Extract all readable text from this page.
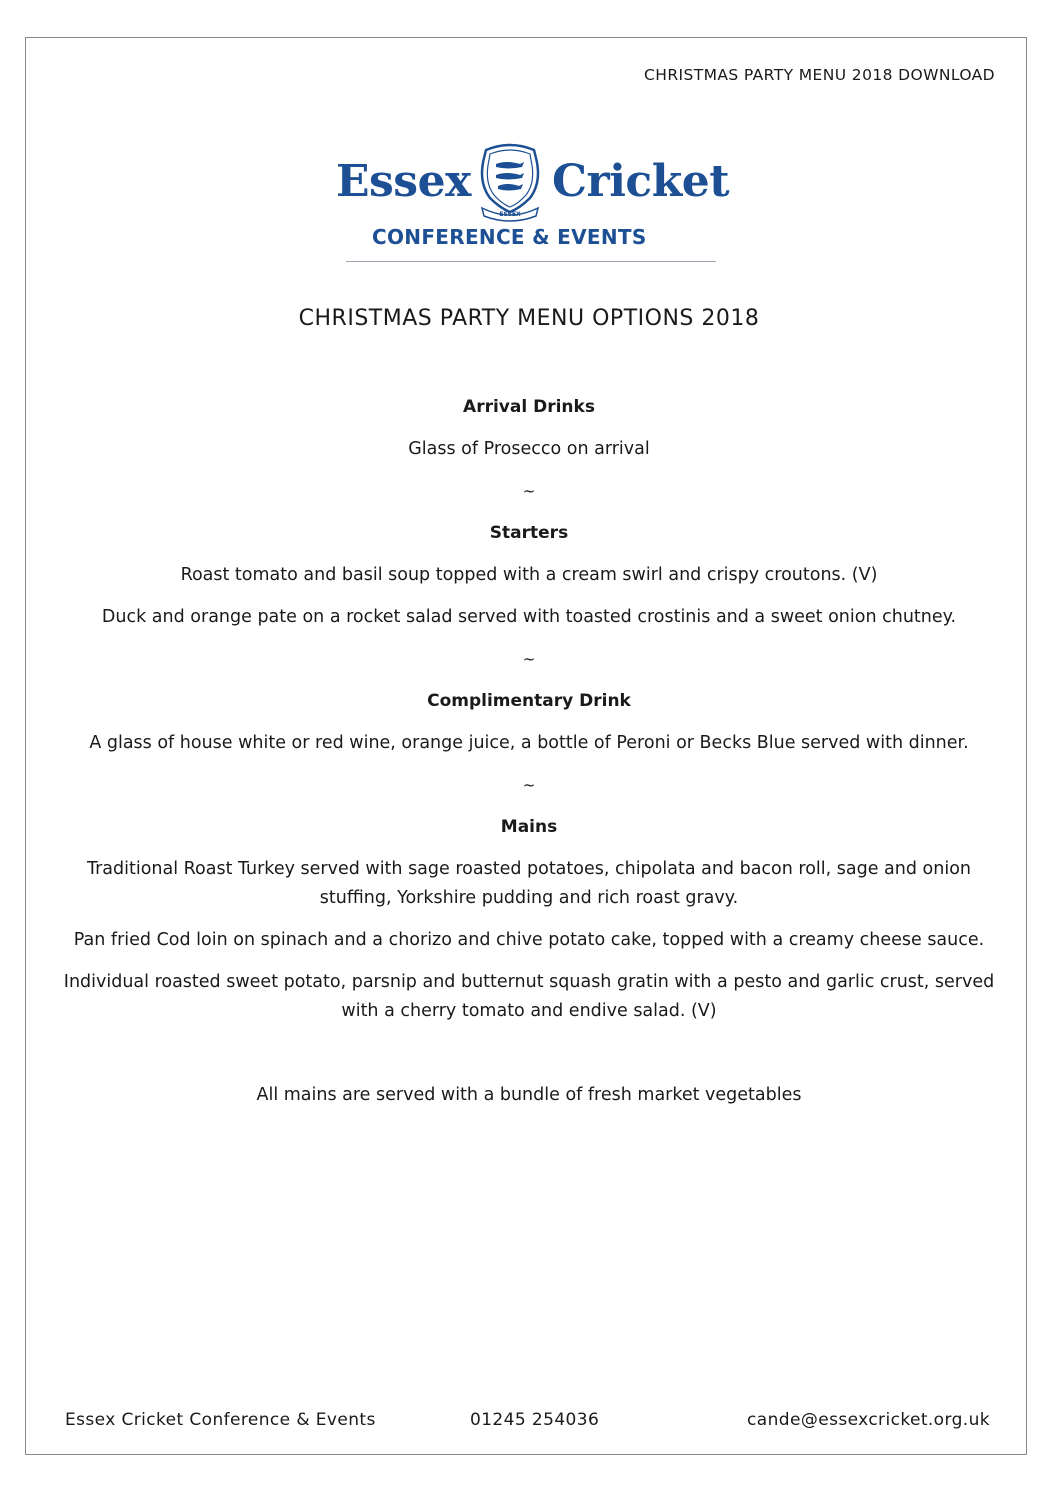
CHRISTMAS PARTY MENU 2018 DOWNLOAD
Essex
ESSEX
Cricket
CONFERENCE & EVENTS
CHRISTMAS PARTY MENU OPTIONS 2018

Arrival Drinks

Glass of Prosecco on arrival

~

Starters

Roast tomato and basil soup topped with a cream swirl and crispy croutons. (V)

Duck and orange pate on a rocket salad served with toasted crostinis and a sweet onion chutney.

~

Complimentary Drink

A glass of house white or red wine, orange juice, a bottle of Peroni or Becks Blue served with dinner.

~

Mains

Traditional Roast Turkey served with sage roasted potatoes, chipolata and bacon roll, sage and onion stuffing, Yorkshire pudding and rich roast gravy.

Pan fried Cod loin on spinach and a chorizo and chive potato cake, topped with a creamy cheese sauce.

Individual roasted sweet potato, parsnip and butternut squash gratin with a pesto and garlic crust, served with a cherry tomato and endive salad. (V)

All mains are served with a bundle of fresh market vegetables

Essex Cricket Conference & Events	01245 254036	cande@essexcricket.org.uk
